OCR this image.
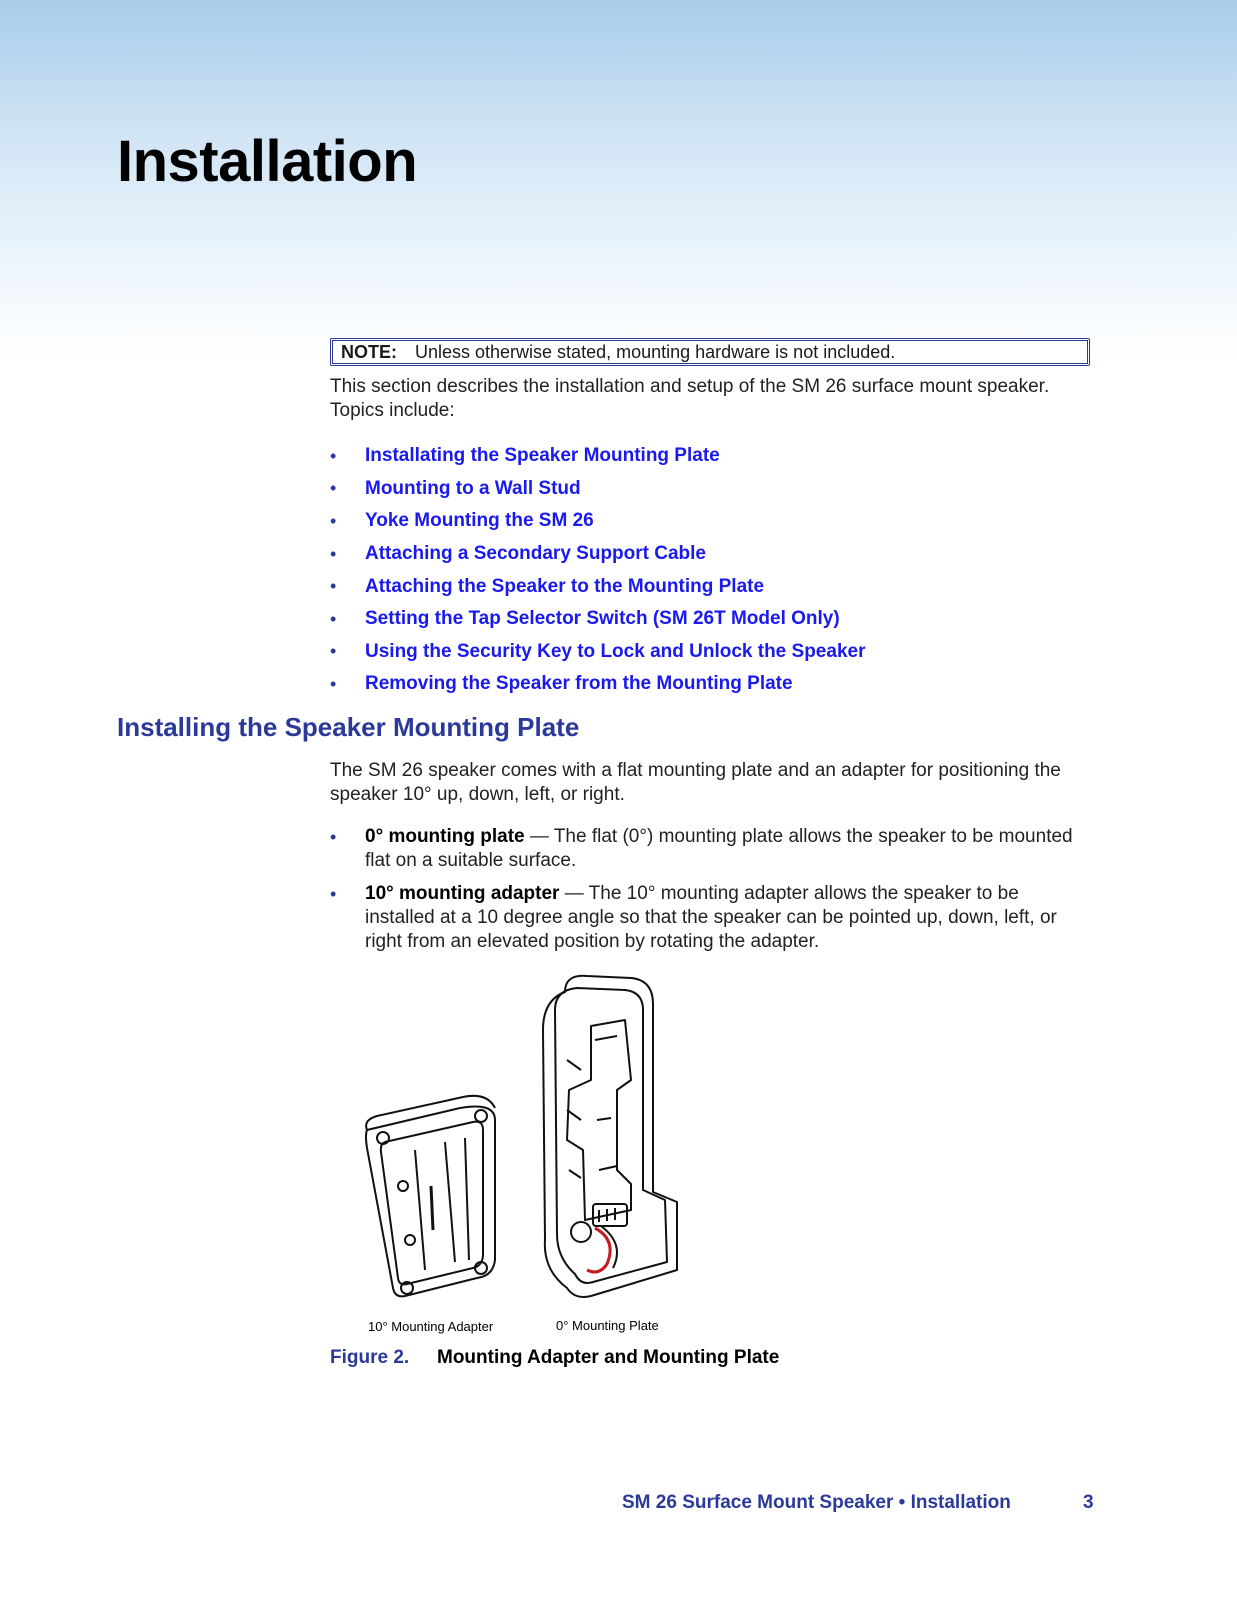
Installation
NOTE: Unless otherwise stated, mounting hardware is not included.

This section describes the installation and setup of the SM 26 surface mount speaker. Topics include:

•	Installating the Speaker Mounting Plate
•	Mounting to a Wall Stud
•	Yoke Mounting the SM 26
•	Attaching a Secondary Support Cable
•	Attaching the Speaker to the Mounting Plate
•	Setting the Tap Selector Switch (SM 26T Model Only)
•	Using the Security Key to Lock and Unlock the Speaker
•	Removing the Speaker from the Mounting Plate
Installing the Speaker Mounting Plate

The SM 26 speaker comes with a flat mounting plate and an adapter for positioning the speaker 10° up, down, left, or right.

•	0° mounting plate — The flat (0°) mounting plate allows the speaker to be mounted flat on a suitable surface.
•	10° mounting adapter — The 10° mounting adapter allows the speaker to be installed at a 10 degree angle so that the speaker can be pointed up, down, left, or right from an elevated position by rotating the adapter.
10° Mounting Adapter	0° Mounting Plate
Figure 2.	Mounting Adapter and Mounting Plate
SM 26 Surface Mount Speaker • Installation	3
